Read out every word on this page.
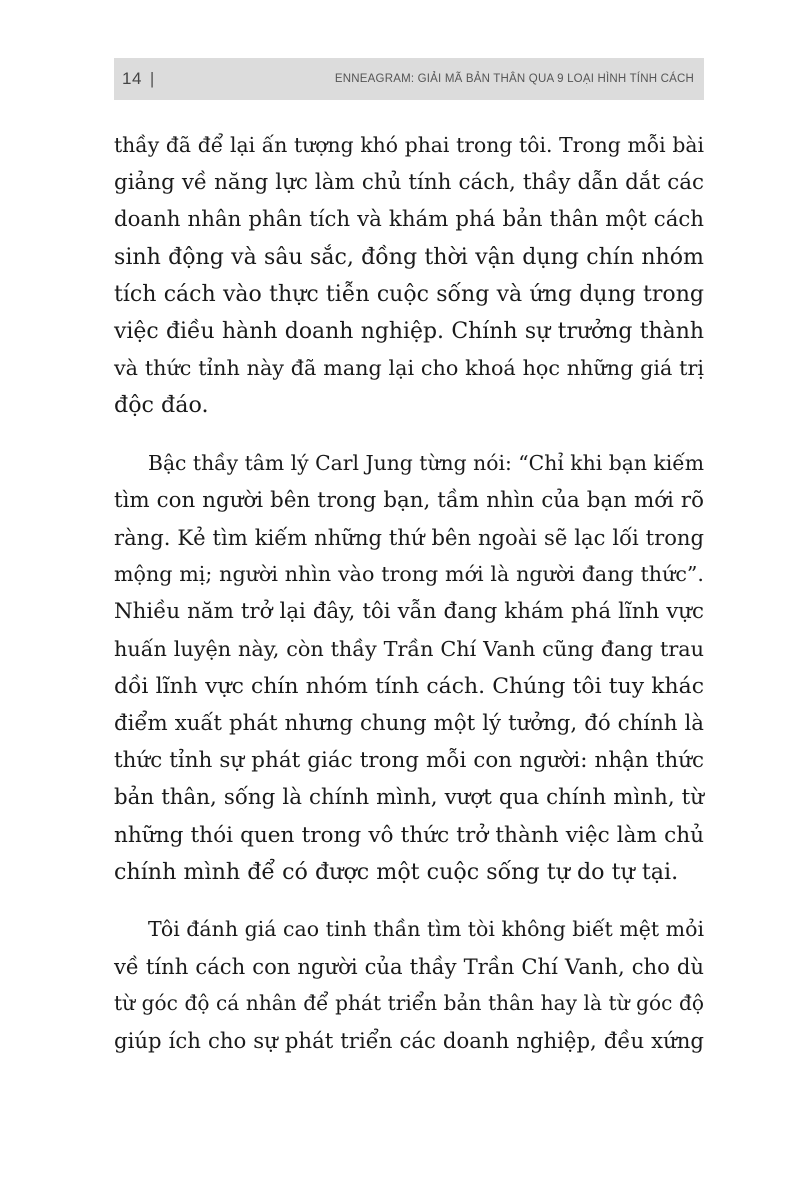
14 |	ENNEAGRAM: GIẢI MÃ BẢN THÂN QUA 9 LOẠI HÌNH TÍNH CÁCH
thầy đã để lại ấn tượng khó phai trong tôi. Trong mỗi bài
giảng về năng lực làm chủ tính cách, thầy dẫn dắt các
doanh nhân phân tích và khám phá bản thân một cách
sinh động và sâu sắc, đồng thời vận dụng chín nhóm
tích cách vào thực tiễn cuộc sống và ứng dụng trong
việc điều hành doanh nghiệp. Chính sự trưởng thành
và thức tỉnh này đã mang lại cho khoá học những giá trị
độc đáo.
Bậc thầy tâm lý Carl Jung từng nói: “Chỉ khi bạn kiếm
tìm con người bên trong bạn, tầm nhìn của bạn mới rõ
ràng. Kẻ tìm kiếm những thứ bên ngoài sẽ lạc lối trong
mộng mị; người nhìn vào trong mới là người đang thức”.
Nhiều năm trở lại đây, tôi vẫn đang khám phá lĩnh vực
huấn luyện này, còn thầy Trần Chí Vanh cũng đang trau
dồi lĩnh vực chín nhóm tính cách. Chúng tôi tuy khác
điểm xuất phát nhưng chung một lý tưởng, đó chính là
thức tỉnh sự phát giác trong mỗi con người: nhận thức
bản thân, sống là chính mình, vượt qua chính mình, từ
những thói quen trong vô thức trở thành việc làm chủ
chính mình để có được một cuộc sống tự do tự tại.
Tôi đánh giá cao tinh thần tìm tòi không biết mệt mỏi
về tính cách con người của thầy Trần Chí Vanh, cho dù
từ góc độ cá nhân để phát triển bản thân hay là từ góc độ
giúp ích cho sự phát triển các doanh nghiệp, đều xứng
